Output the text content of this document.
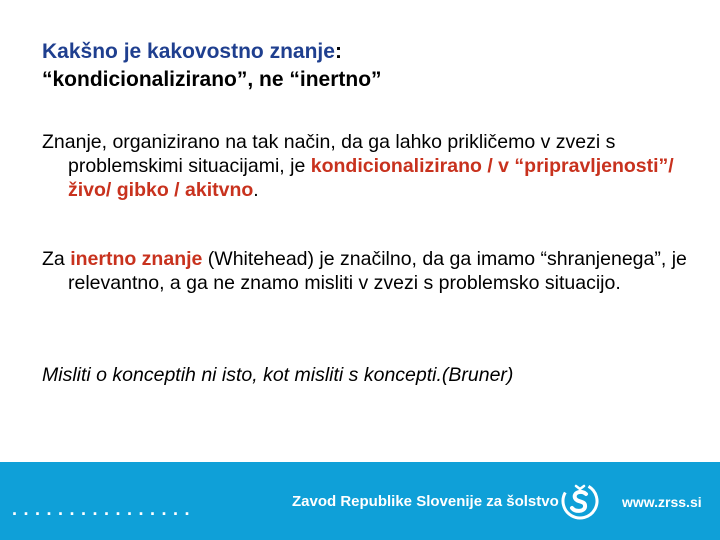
Kakšno je kakovostno znanje:
“kondicionalizirano”, ne “inertno”
Znanje, organizirano na tak način, da ga lahko prikličemo v zvezi s problemskimi situacijami, je kondicionalizirano / v “pripravljenosti”/ živo/ gibko / akitvno.
Za inertno znanje (Whitehead) je značilno, da ga imamo “shranjenega”, je relevantno, a ga ne znamo misliti v zvezi s problemsko situacijo.
Misliti o konceptih ni isto, kot misliti s koncepti.(Bruner)
................	Zavod Republike Slovenije za šolstvo	www.zrss.si
